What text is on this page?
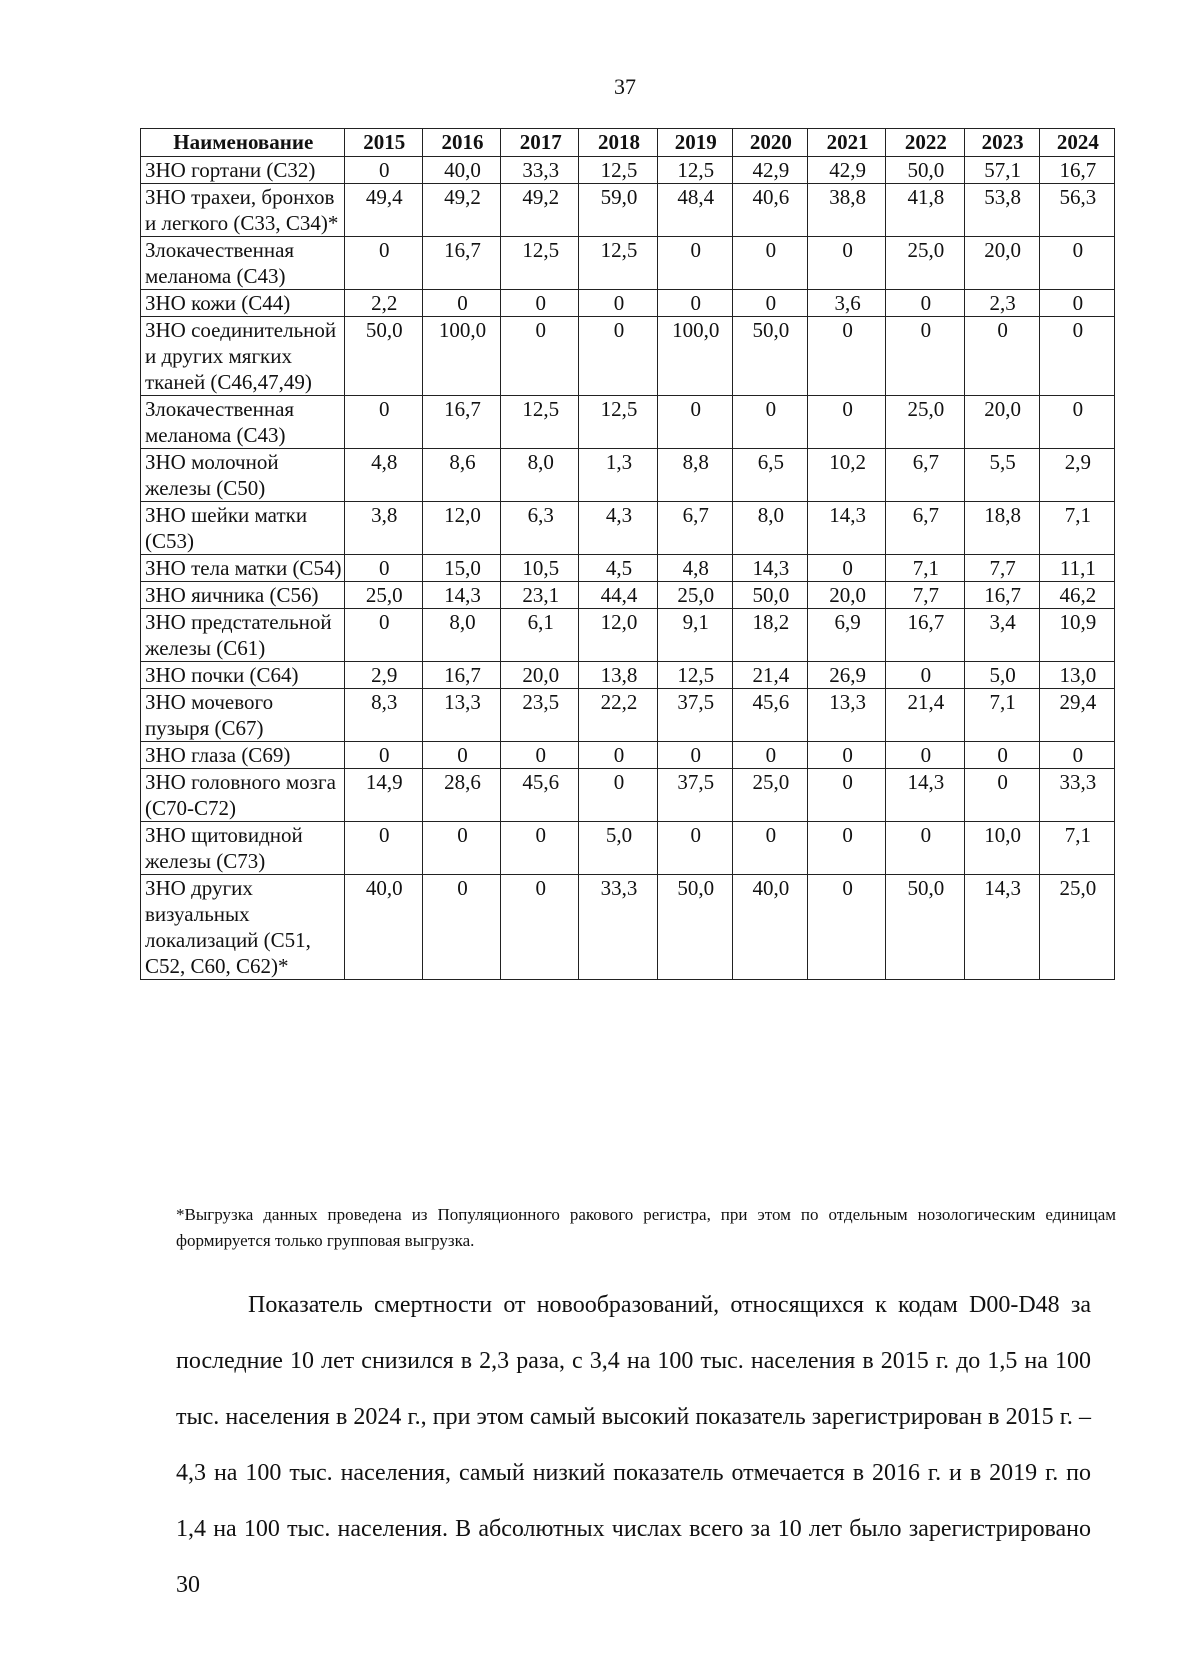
37
Наименование	2015	2016	2017	2018	2019	2020	2021	2022	2023	2024
ЗНО гортани (С32)	0	40,0	33,3	12,5	12,5	42,9	42,9	50,0	57,1	16,7
ЗНО трахеи, бронхов и легкого (С33, С34)*	49,4	49,2	49,2	59,0	48,4	40,6	38,8	41,8	53,8	56,3
Злокачественная меланома (С43)	0	16,7	12,5	12,5	0	0	0	25,0	20,0	0
ЗНО кожи (С44)	2,2	0	0	0	0	0	3,6	0	2,3	0
ЗНО соединительной и других мягких тканей (С46,47,49)	50,0	100,0	0	0	100,0	50,0	0	0	0	0
Злокачественная меланома (С43)	0	16,7	12,5	12,5	0	0	0	25,0	20,0	0
ЗНО молочной железы (С50)	4,8	8,6	8,0	1,3	8,8	6,5	10,2	6,7	5,5	2,9
ЗНО шейки матки (С53)	3,8	12,0	6,3	4,3	6,7	8,0	14,3	6,7	18,8	7,1
ЗНО тела матки (С54)	0	15,0	10,5	4,5	4,8	14,3	0	7,1	7,7	11,1
ЗНО яичника (С56)	25,0	14,3	23,1	44,4	25,0	50,0	20,0	7,7	16,7	46,2
ЗНО предстательной железы (С61)	0	8,0	6,1	12,0	9,1	18,2	6,9	16,7	3,4	10,9
ЗНО почки (С64)	2,9	16,7	20,0	13,8	12,5	21,4	26,9	0	5,0	13,0
ЗНО мочевого пузыря (С67)	8,3	13,3	23,5	22,2	37,5	45,6	13,3	21,4	7,1	29,4
ЗНО глаза (С69)	0	0	0	0	0	0	0	0	0	0
ЗНО головного мозга (С70-С72)	14,9	28,6	45,6	0	37,5	25,0	0	14,3	0	33,3
ЗНО щитовидной железы (С73)	0	0	0	5,0	0	0	0	0	10,0	7,1
ЗНО других визуальных локализаций (С51, С52, С60, С62)*	40,0	0	0	33,3	50,0	40,0	0	50,0	14,3	25,0
*Выгрузка данных проведена из Популяционного ракового регистра, при этом по отдельным нозологическим единицам формируется только групповая выгрузка.

Показатель смертности от новообразований, относящихся к кодам D00-D48 за последние 10 лет снизился в 2,3 раза, с 3,4 на 100 тыс. населения в 2015 г. до 1,5 на 100 тыс. населения в 2024 г., при этом самый высокий показатель зарегистрирован в 2015 г. – 4,3 на 100 тыс. населения, самый низкий показатель отмечается в 2016 г. и в 2019 г. по 1,4 на 100 тыс. населения. В абсолютных числах всего за 10 лет было зарегистрировано 30
